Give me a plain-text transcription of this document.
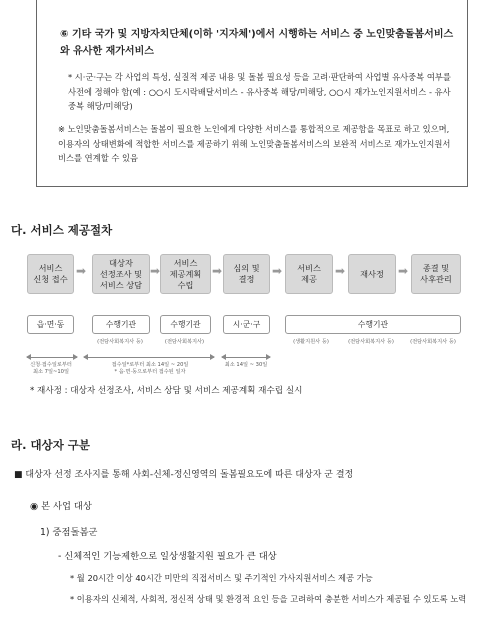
⑥ 기타 국가 및 지방자치단체(이하 '지자체')에서 시행하는 서비스 중 노인맞춤돌봄서비스와 유사한 재가서비스
* 시·군·구는 각 사업의 특성, 실질적 제공 내용 및 돌봄 필요성 등을 고려·판단하여 사업별 유사중복 여부를 사전에 정해야 함(예 : ○○시 도시락배달서비스 - 유사중복 해당/미해당, ○○시 재가노인지원서비스 - 유사중복 해당/미해당)
※ 노인맞춤돌봄서비스는 돌봄이 필요한 노인에게 다양한 서비스를 통합적으로 제공함을 목표로 하고 있으며, 이용자의 상태변화에 적합한 서비스를 제공하기 위해 노인맞춤돌봄서비스의 보완적 서비스로 재가노인지원서비스를 연계할 수 있음
다. 서비스 제공절차
서비스
신청 접수
➡
대상자
선정조사 및
서비스 상담
➡
서비스
제공계획
수립
➡	심의 및
결정
➡	서비스
제공
➡	재사정	➡	종결 및
사후관리
읍·면·동	수행기관	수행기관	시·군·구	수행기관
(전담사회복지사 등)	(전담사회복지사)	(생활지원사 등)	(전담사회복지사 등)	(전담사회복지사 등)
신청·접수일로부터
최소 7일~10일
접수일*로부터 최소 14일 ~ 20일
* 읍·면·동으로부터 접수된 일자
최소 14일 ~ 30일
* 재사정 : 대상자 선정조사, 서비스 상담 및 서비스 제공계획 재수립 실시
라. 대상자 구분
■ 대상자 선정 조사지를 통해 사회-신체-정신영역의 돌봄필요도에 따른 대상자 군 결정
◉ 본 사업 대상
1) 중점돌봄군
- 신체적인 기능제한으로 일상생활지원 필요가 큰 대상
* 월 20시간 이상 40시간 미만의 직접서비스 및 주기적인 가사지원서비스 제공 가능
* 이용자의 신체적, 사회적, 정신적 상태 및 환경적 요인 등을 고려하여 충분한 서비스가 제공될 수 있도록 노력
